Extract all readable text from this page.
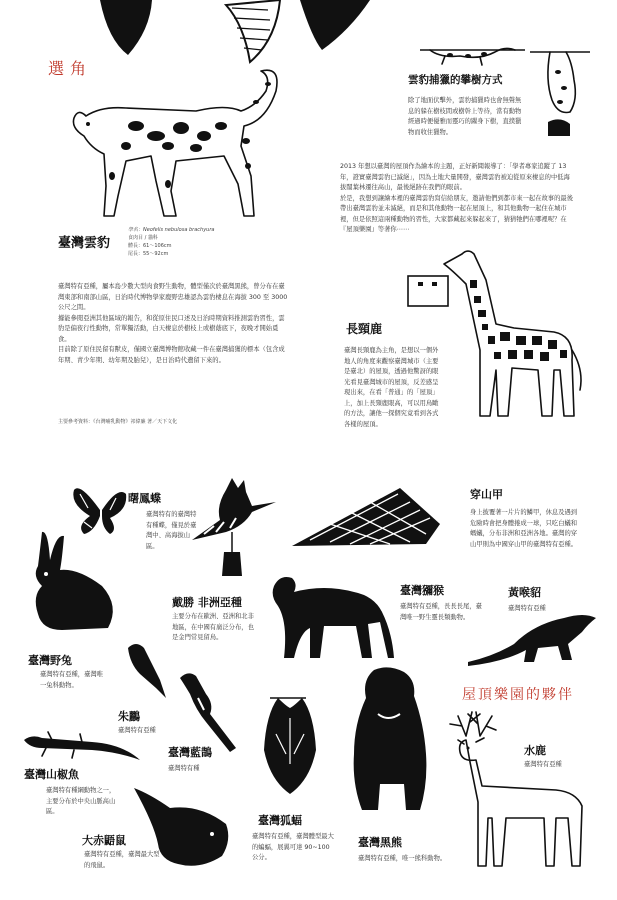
選角
臺灣雲豹
學名：Neofelis nebulosa brachyura
食肉目 / 貓科
體長：61～106cm
尾長：55～92cm
臺灣特有亞種，屬本島少數大型肉食野生動物，體型僅次於臺灣黑熊，曾分布在臺灣東部和南部山區，日治時代博物學家鹿野忠雄認為雲豹棲息在海拔 300 至 3000 公尺之間。
據能參閱亞洲其他區域的報告，和從原住民口述及日治時期資料推測雲豹習性，雲豹是偏夜行性動物，常單獨活動，白天棲息於樹枝上或樹蔭底下，夜晚才開始覓食。
目前除了原住民留有獸皮，僅國立臺灣博物館收藏一件在臺灣捕獲的標本（包含成年期、青少年期、幼年期及胎兒），是日治時代遺留下來的。
主要參考資料：《台灣哺乳動物》祁偉廉 著／天下文化
雲豹捕獵的攀樹方式
除了地面伏擊外，雲豹捕獵時也會無聲無息的躲在樹枝間或樹幹上等待，當有動物經過時便優雅而靈巧的躍身下樹，直撲獵物而收住獵物。
2013 年想以臺灣的屋頂作為繪本的主題，正好新聞報導了：「學者專家追蹤了 13 年，證實臺灣雲豹已滅絕」，因為土地大量開發，臺灣雲豹被迫從原來棲息的中低海拔闊葉林遷往高山，最後絕跡在我們的眼前。
於是，我想到讓繪本裡的臺灣雲豹寫信給朋友，邀請他們到都市來一起在故事的最後帶出臺灣雲豹並未滅絕，而是和其他動物一起在屋頂上，和其他動物一起住在城市裡，但是依照這兩種動物的習性，大家都藏起來躲起來了，猜猜牠們在哪裡呢？在『屋頂樂園』等著你⋯⋯
長頸鹿
臺灣長頸鹿為主角，是想以一個外地人的角度來觀察臺灣城市（主要是臺北）的屋頂，透過他驚訝的眼光看見臺灣城市的屋頂，反差感呈現出來，在看「普通」的「屋頂」上，加上長頸鹿眼高，可以用鳥瞰的方法，讓他一探個究竟看到各式各樣的屋頂。
曙鳳蝶
臺灣特有的臺灣特有種蝶，僅見於臺灣中、高海拔山區。
戴勝 非洲亞種
主要分布在歐洲、亞洲和北非地區，在中國有廣泛分布，也是金門常見留鳥。
穿山甲
身上披覆著一片片的鱗甲，休息及遇到危險時會把身體捲成一球，只吃白蟻和螞蟻，分布非洲和亞洲各地。臺灣的穿山甲則為中國穿山甲的臺灣特有亞種。
臺灣野兔
臺灣特有亞種，臺灣唯一兔科動物。
臺灣獼猴
臺灣特有亞種，長長長尾，臺灣唯一野生靈長類動物。
黃喉貂
臺灣特有亞種
屋頂樂園的夥伴
朱鸝
臺灣特有亞種
臺灣藍鵲
臺灣特有種
臺灣山椒魚
臺灣特有種綱動物之一，主要分布於中央山脈高山區。
臺灣狐蝠
臺灣特有亞種，臺灣體型最大的蝙蝠，展翼可達 90~100 公分。
臺灣黑熊
臺灣特有亞種，唯一熊科動物。
水鹿
臺灣特有亞種
大赤鼯鼠
臺灣特有亞種，臺灣最大型的飛鼠。
